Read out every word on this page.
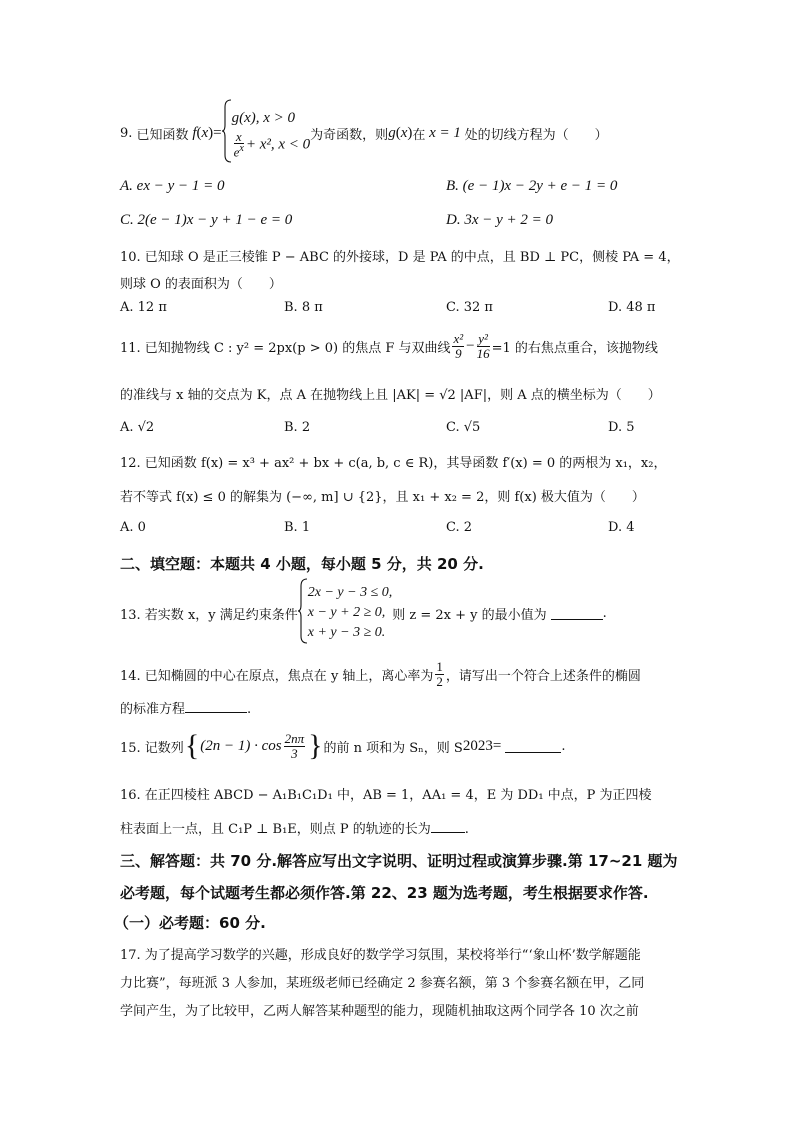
9.
已知函数 f ( x )=
g(x), x > 0
$\frac{x}{e^x} + x^2$, x < 0
为奇函数，则 g ( x ) 在 x = 1 处的切线方程为（　　）
A. ex − y − 1 = 0	B. (e − 1)x − 2y + e − 1 = 0
C. 2(e − 1)x − y + 1 − e = 0	D. 3x − y + 2 = 0
10. 已知球 O 是正三棱锥 P − ABC 的外接球，D 是 PA 的中点，且 BD ⊥ PC，侧棱 PA = 4，
则球 O 的表面积为（　　）
A. 12 π	B. 8 π	C. 32 π	D. 48 π
11. 已知抛物线 C : y² = 2px(p > 0) 的焦点 F 与双曲线 $\frac{\text{x²}}{9} - \frac{\text{y²}}{16} =1$ 的右焦点重合，该抛物线
的准线与 x 轴的交点为 K，点 A 在抛物线上且 |AK| = √2 |AF|，则 A 点的横坐标为（　　）
A. √2	B. 2	C. √5	D. 5
12. 已知函数 f(x) = x³ + ax² + bx + c(a, b, c ∈ R)，其导函数 f′(x) = 0 的两根为 x₁，x₂，
若不等式 f(x) ≤ 0 的解集为 (−∞, m] ∪ {2}，且 x₁ + x₂ = 2，则 f(x) 极大值为（　　）
A. 0	B. 1	C. 2	D. 4
二、填空题：本题共 4 小题，每小题 5 分，共 20 分.
13. 若实数 x，y 满足约束条件
2x − y − 3 ≤ 0,
x − y + 2 ≥ 0,
x + y − 3 ≥ 0.
则 z = 2x + y 的最小值为	.
14. 已知椭圆的中心在原点，焦点在 y 轴上，离心率为 $\frac{1}{2}$ ，请写出一个符合上述条件的椭圆
的标准方程	.
15. 记数列 { $(2n - 1) \cdot \cos \frac{2n\pi}{3}$ } 的前 n 项和为 Sₙ，则 S 2023 =	.
16. 在正四棱柱 ABCD − A₁B₁C₁D₁ 中，AB = 1，AA₁ = 4，E 为 DD₁ 中点，P 为正四棱
柱表面上一点，且 C₁P ⊥ B₁E，则点 P 的轨迹的长为	.
三、解答题：共 70 分.解答应写出文字说明、证明过程或演算步骤.第 17~21 题为
必考题，每个试题考生都必须作答.第 22、23 题为选考题，考生根据要求作答.
（一）必考题：60 分.
17. 为了提高学习数学的兴趣，形成良好的数学学习氛围，某校将举行“‘象山杯’数学解题能
力比赛”，每班派 3 人参加，某班级老师已经确定 2 参赛名额，第 3 个参赛名额在甲，乙同
学间产生，为了比较甲，乙两人解答某种题型的能力，现随机抽取这两个同学各 10 次之前
